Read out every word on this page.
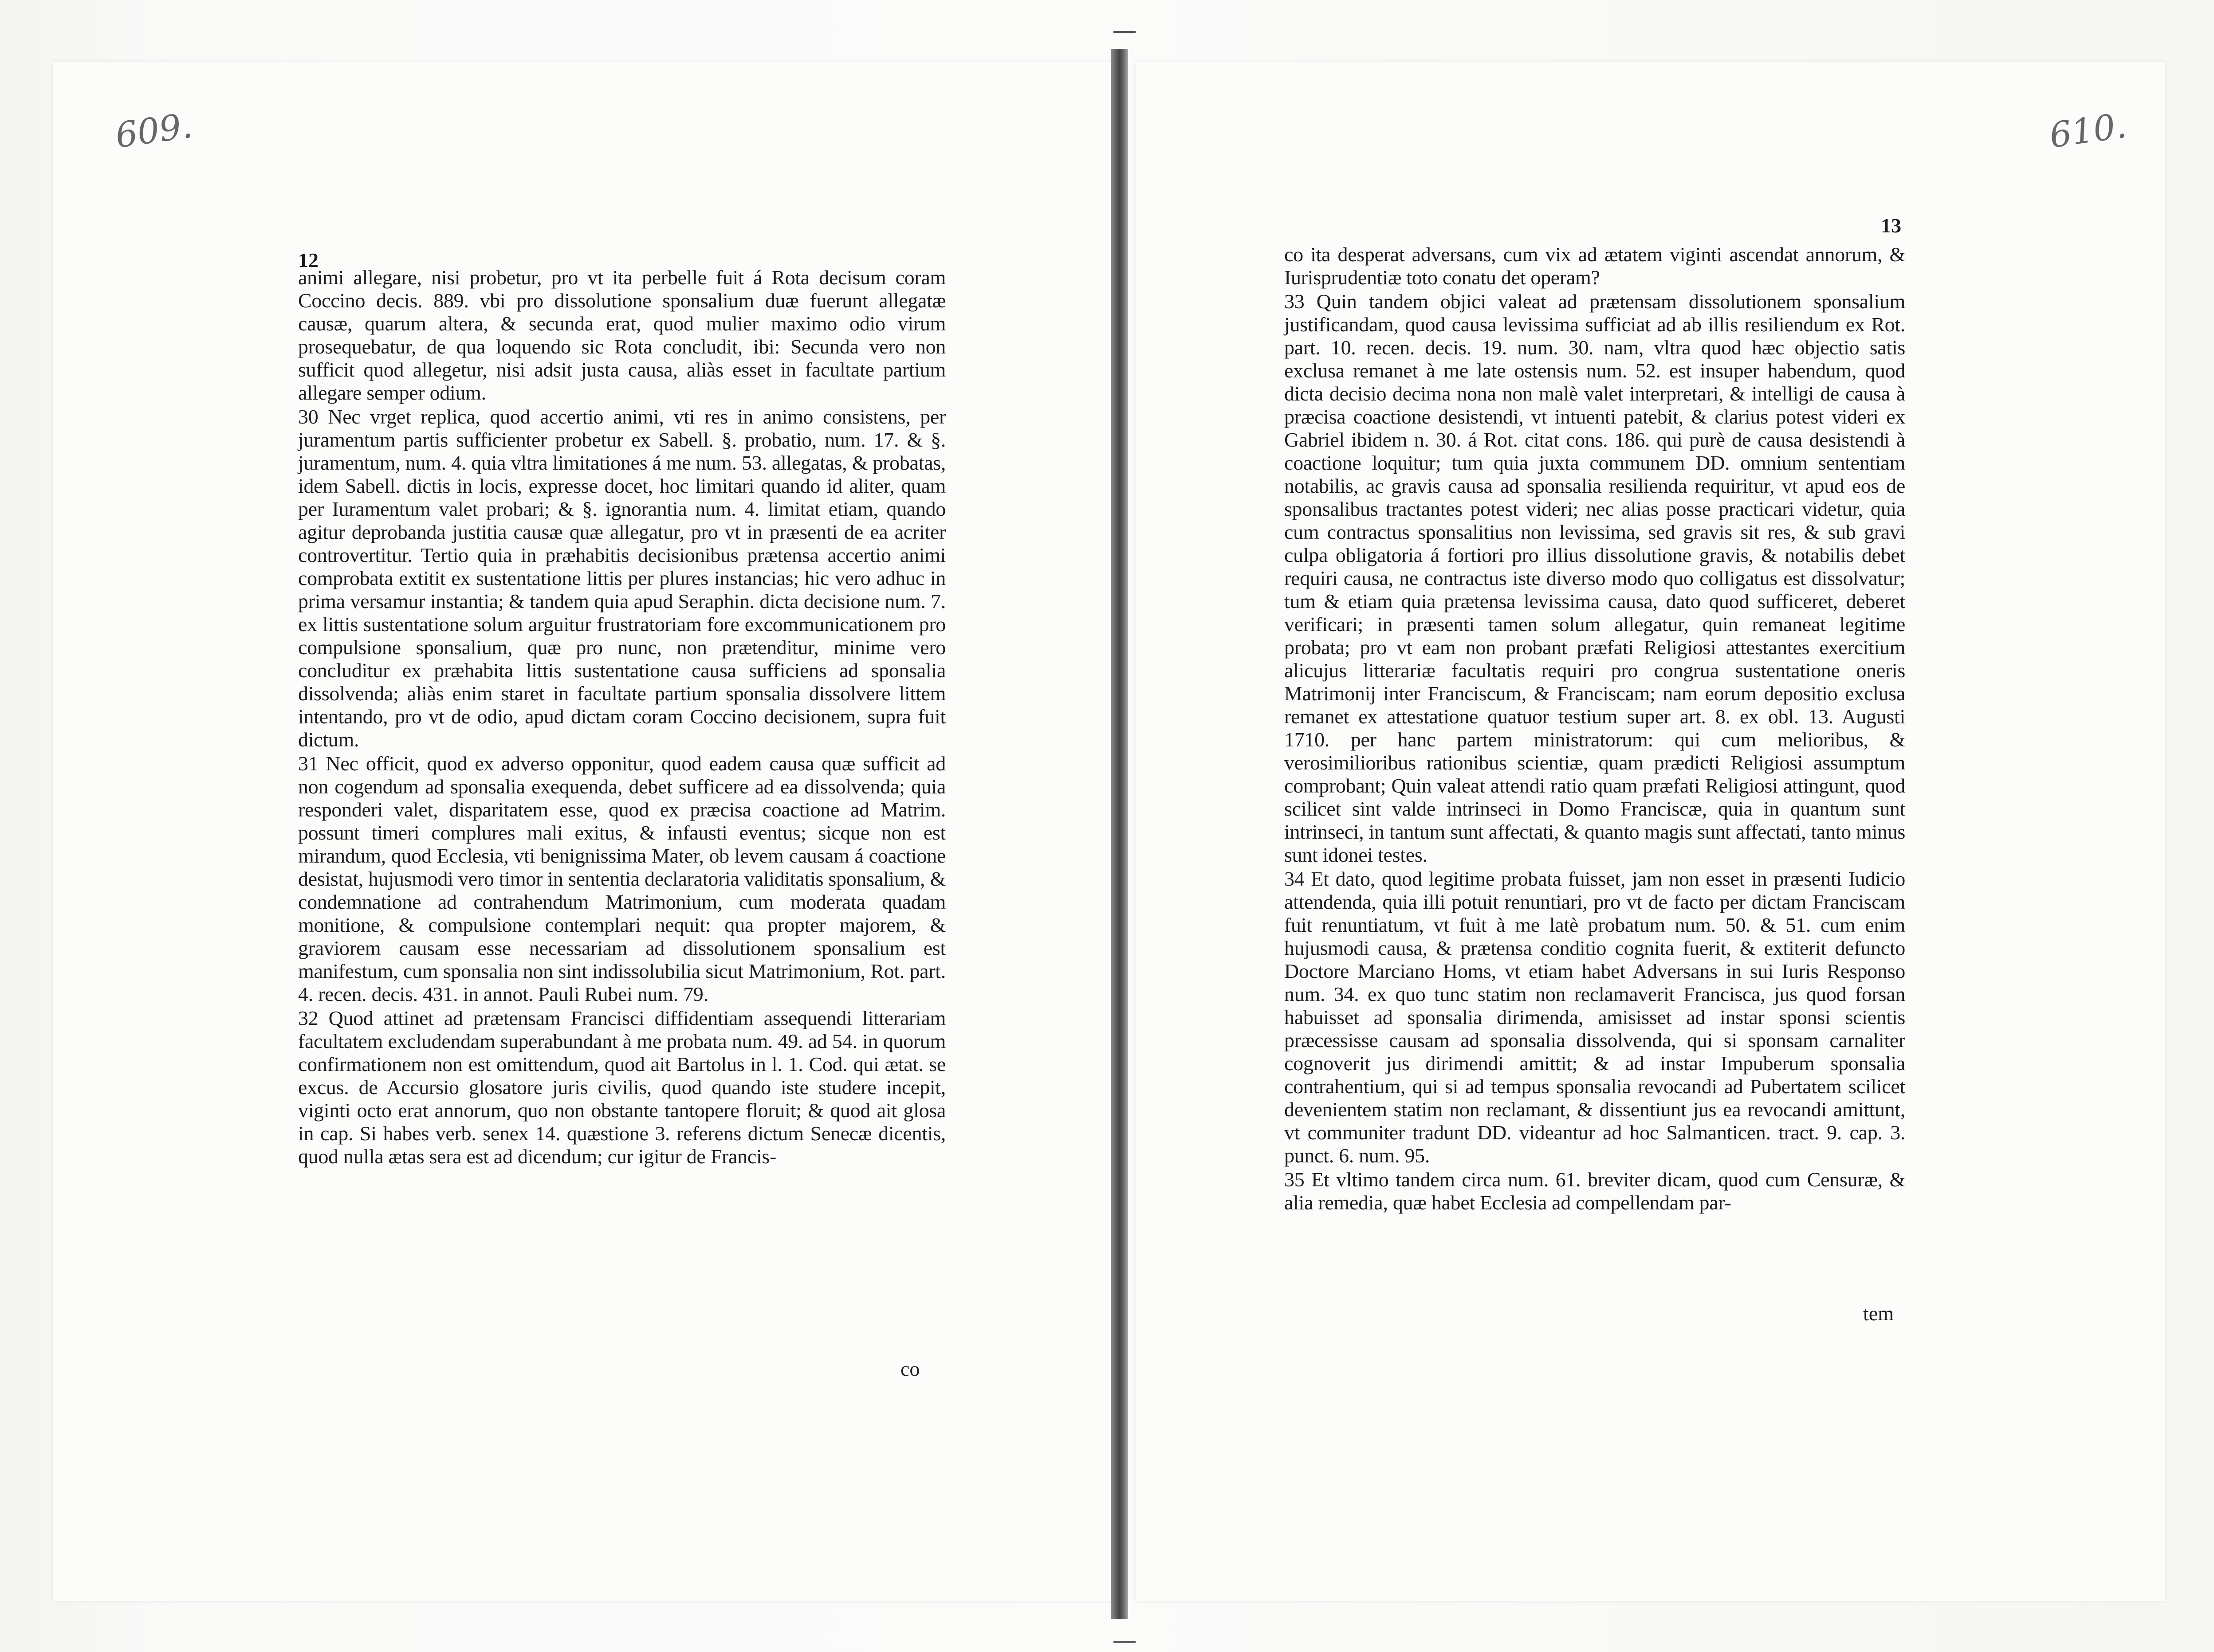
609.	610.
12
13

animi allegare, nisi probetur, pro vt ita perbelle fuit á Rota decisum coram Coccino decis. 889. vbi pro dissolutione sponsalium duæ fuerunt allegatæ causæ, quarum altera, & secunda erat, quod mulier maximo odio virum prosequebatur, de qua loquendo sic Rota concludit, ibi: Secunda vero non sufficit quod allegetur, nisi adsit justa causa, aliàs esset in facultate partium allegare semper odium.

30 Nec vrget replica, quod accertio animi, vti res in animo consistens, per juramentum partis sufficienter probetur ex Sabell. §. probatio, num. 17. & §. juramentum, num. 4. quia vltra limitationes á me num. 53. allegatas, & probatas, idem Sabell. dictis in locis, expresse docet, hoc limitari quando id aliter, quam per Iuramentum valet probari; & §. ignorantia num. 4. limitat etiam, quando agitur deprobanda justitia causæ quæ allegatur, pro vt in præsenti de ea acriter controvertitur. Tertio quia in præhabitis decisionibus prætensa accertio animi comprobata extitit ex sustentatione littis per plures instancias; hic vero adhuc in prima versamur instantia; & tandem quia apud Seraphin. dicta decisione num. 7. ex littis sustentatione solum arguitur frustratoriam fore excommunicationem pro compulsione sponsalium, quæ pro nunc, non prætenditur, minime vero concluditur ex præhabita littis sustentatione causa sufficiens ad sponsalia dissolvenda; aliàs enim staret in facultate partium sponsalia dissolvere littem intentando, pro vt de odio, apud dictam coram Coccino decisionem, supra fuit dictum.

31 Nec officit, quod ex adverso opponitur, quod eadem causa quæ sufficit ad non cogendum ad sponsalia exequenda, debet sufficere ad ea dissolvenda; quia responderi valet, disparitatem esse, quod ex præcisa coactione ad Matrim. possunt timeri complures mali exitus, & infausti eventus; sicque non est mirandum, quod Ecclesia, vti benignissima Mater, ob levem causam á coactione desistat, hujusmodi vero timor in sententia declaratoria validitatis sponsalium, & condemnatione ad contrahendum Matrimonium, cum moderata quadam monitione, & compulsione contemplari nequit: qua propter majorem, & graviorem causam esse necessariam ad dissolutionem sponsalium est manifestum, cum sponsalia non sint indissolubilia sicut Matrimonium, Rot. part. 4. recen. decis. 431. in annot. Pauli Rubei num. 79.

32 Quod attinet ad prætensam Francisci diffidentiam assequendi litterariam facultatem excludendam superabundant à me probata num. 49. ad 54. in quorum confirmationem non est omittendum, quod ait Bartolus in l. 1. Cod. qui ætat. se excus. de Accursio glosatore juris civilis, quod quando iste studere incepit, viginti octo erat annorum, quo non obstante tantopere floruit; & quod ait glosa in cap. Si habes verb. senex 14. quæstione 3. referens dictum Senecæ dicentis, quod nulla ætas sera est ad dicendum; cur igitur de Francis-

co

co ita desperat adversans, cum vix ad ætatem viginti ascendat annorum, & Iurisprudentiæ toto conatu det operam?

33 Quin tandem objici valeat ad prætensam dissolutionem sponsalium justificandam, quod causa levissima sufficiat ad ab illis resiliendum ex Rot. part. 10. recen. decis. 19. num. 30. nam, vltra quod hæc objectio satis exclusa remanet à me late ostensis num. 52. est insuper habendum, quod dicta decisio decima nona non malè valet interpretari, & intelligi de causa à præcisa coactione desistendi, vt intuenti patebit, & clarius potest videri ex Gabriel ibidem n. 30. á Rot. citat cons. 186. qui purè de causa desistendi à coactione loquitur; tum quia juxta communem DD. omnium sententiam notabilis, ac gravis causa ad sponsalia resiliendа requiritur, vt apud eos de sponsalibus tractantes potest videri; nec alias posse practicari videtur, quia cum contractus sponsalitius non levissima, sed gravis sit res, & sub gravi culpa obligatoria á fortiori pro illius dissolutione gravis, & notabilis debet requiri causa, ne contractus iste diverso modo quo colligatus est dissolvatur; tum & etiam quia prætensa levissima causa, dato quod sufficeret, deberet verificari; in præsenti tamen solum allegatur, quin remaneat legitime probata; pro vt eam non probant præfati Religiosi attestantes exercitium alicujus litterariæ facultatis requiri pro congrua sustentatione oneris Matrimonij inter Franciscum, & Franciscam; nam eorum depositio exclusa remanet ex attestatione quatuor testium super art. 8. ex obl. 13. Augusti 1710. per hanc partem ministratorum: qui cum melioribus, & verosimilioribus rationibus scientiæ, quam prædicti Religiosi assumptum comprobant; Quin valeat attendi ratio quam præfati Religiosi attingunt, quod scilicet sint valde intrinseci in Domo Franciscæ, quia in quantum sunt intrinseci, in tantum sunt affectati, & quanto magis sunt affectati, tanto minus sunt idonei testes.

34 Et dato, quod legitime probata fuisset, jam non esset in præsenti Iudicio attendenda, quia illi potuit renuntiari, pro vt de facto per dictam Franciscam fuit renuntiatum, vt fuit à me latè probatum num. 50. & 51. cum enim hujusmodi causa, & prætensa conditio cognita fuerit, & extiterit defuncto Doctore Marciano Homs, vt etiam habet Adversans in sui Iuris Responso num. 34. ex quo tunc statim non reclamaverit Francisca, jus quod forsan habuisset ad sponsalia dirimenda, amisisset ad instar sponsi scientis præcessisse causam ad sponsalia dissolvenda, qui si sponsam carnaliter cognoverit jus dirimendi amittit; & ad instar Impuberum sponsalia contrahentium, qui si ad tempus sponsalia revocandi ad Pubertatem scilicet devenientem statim non reclamant, & dissentiunt jus ea revocandi amittunt, vt communiter tradunt DD. videantur ad hoc Salmanticen. tract. 9. cap. 3. punct. 6. num. 95.

35 Et vltimo tandem circa num. 61. breviter dicam, quod cum Censuræ, & alia remedia, quæ habet Ecclesia ad compellendam par-

tem
